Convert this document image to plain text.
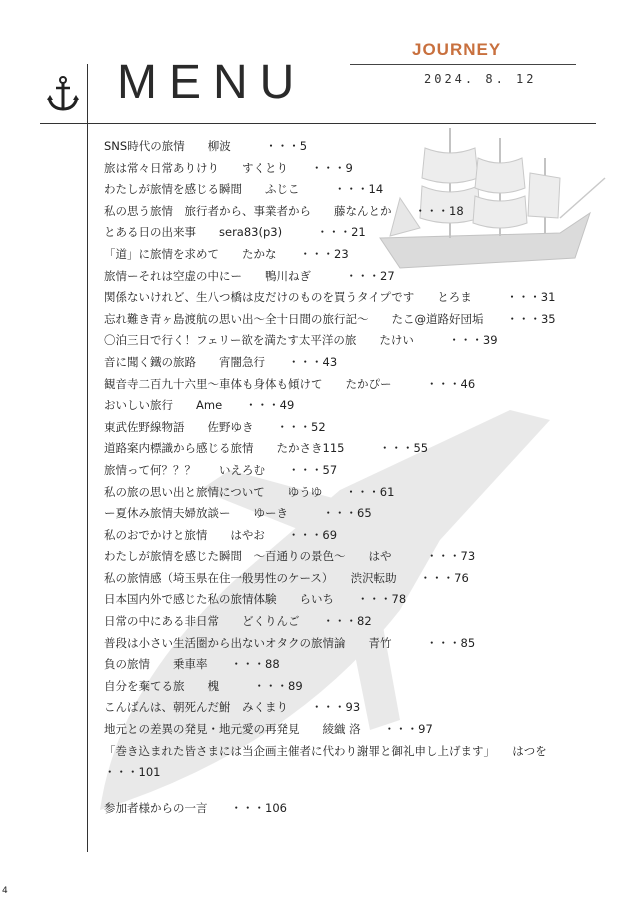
MENU
JOURNEY
2024. 8. 12
SNS時代の旅情　　柳波　　　・・・5
旅は常々日常ありけり　　すくとり　　・・・9
わたしが旅情を感じる瞬間　　ふじこ　　　・・・14
私の思う旅情　旅行者から、事業者から　　藤なんとか　　・・・18
とある日の出来事　　sera83(p3)　　　・・・21
「道」に旅情を求めて　　たかな　　・・・23
旅情ーそれは空虚の中にー　　鴨川ねぎ　　　・・・27
関係ないけれど、生八つ橋は皮だけのものを買うタイプです　　とろま　　　・・・31
忘れ難き青ヶ島渡航の思い出〜全十日間の旅行記〜　　たこ@道路好団垢　　・・・35
〇泊三日で行く！フェリー欲を満たす太平洋の旅　　たけい　　　・・・39
音に聞く鐵の旅路　　宵闇急行　　・・・43
観音寺二百九十六里〜車体も身体も傾けて　　たかぴー　　　・・・46
おいしい旅行　　Ame　　・・・49
東武佐野線物語　　佐野ゆき　　・・・52
道路案内標識から感じる旅情　　たかさき115　　　・・・55
旅情って何？？？　　いえろむ　　・・・57
私の旅の思い出と旅情について　　ゆうゆ　　・・・61
ー夏休み旅情夫婦放談ー　　ゆーき　　　・・・65
私のおでかけと旅情　　はやお　　・・・69
わたしが旅情を感じた瞬間　〜百通りの景色〜　　はや　　　・・・73
私の旅情感（埼玉県在住一般男性のケース）　　渋沢転助　　・・・76
日本国内外で感じた私の旅情体験　　らいち　　・・・78
日常の中にある非日常　　どくりんご　　・・・82
普段は小さい生活圏から出ないオタクの旅情論　　青竹　　　・・・85
負の旅情　　乗車率　　・・・88
自分を棄てる旅　　槐　　　・・・89
こんばんは、朝死んだ鮒　みくまり　　・・・93
地元との差異の発見・地元愛の再発見　　綾織 洛　　・・・97
「巻き込まれた皆さまには当企画主催者に代わり謝罪と御礼申し上げます」　　はつを
・・・101
参加者様からの一言　　・・・106
4
